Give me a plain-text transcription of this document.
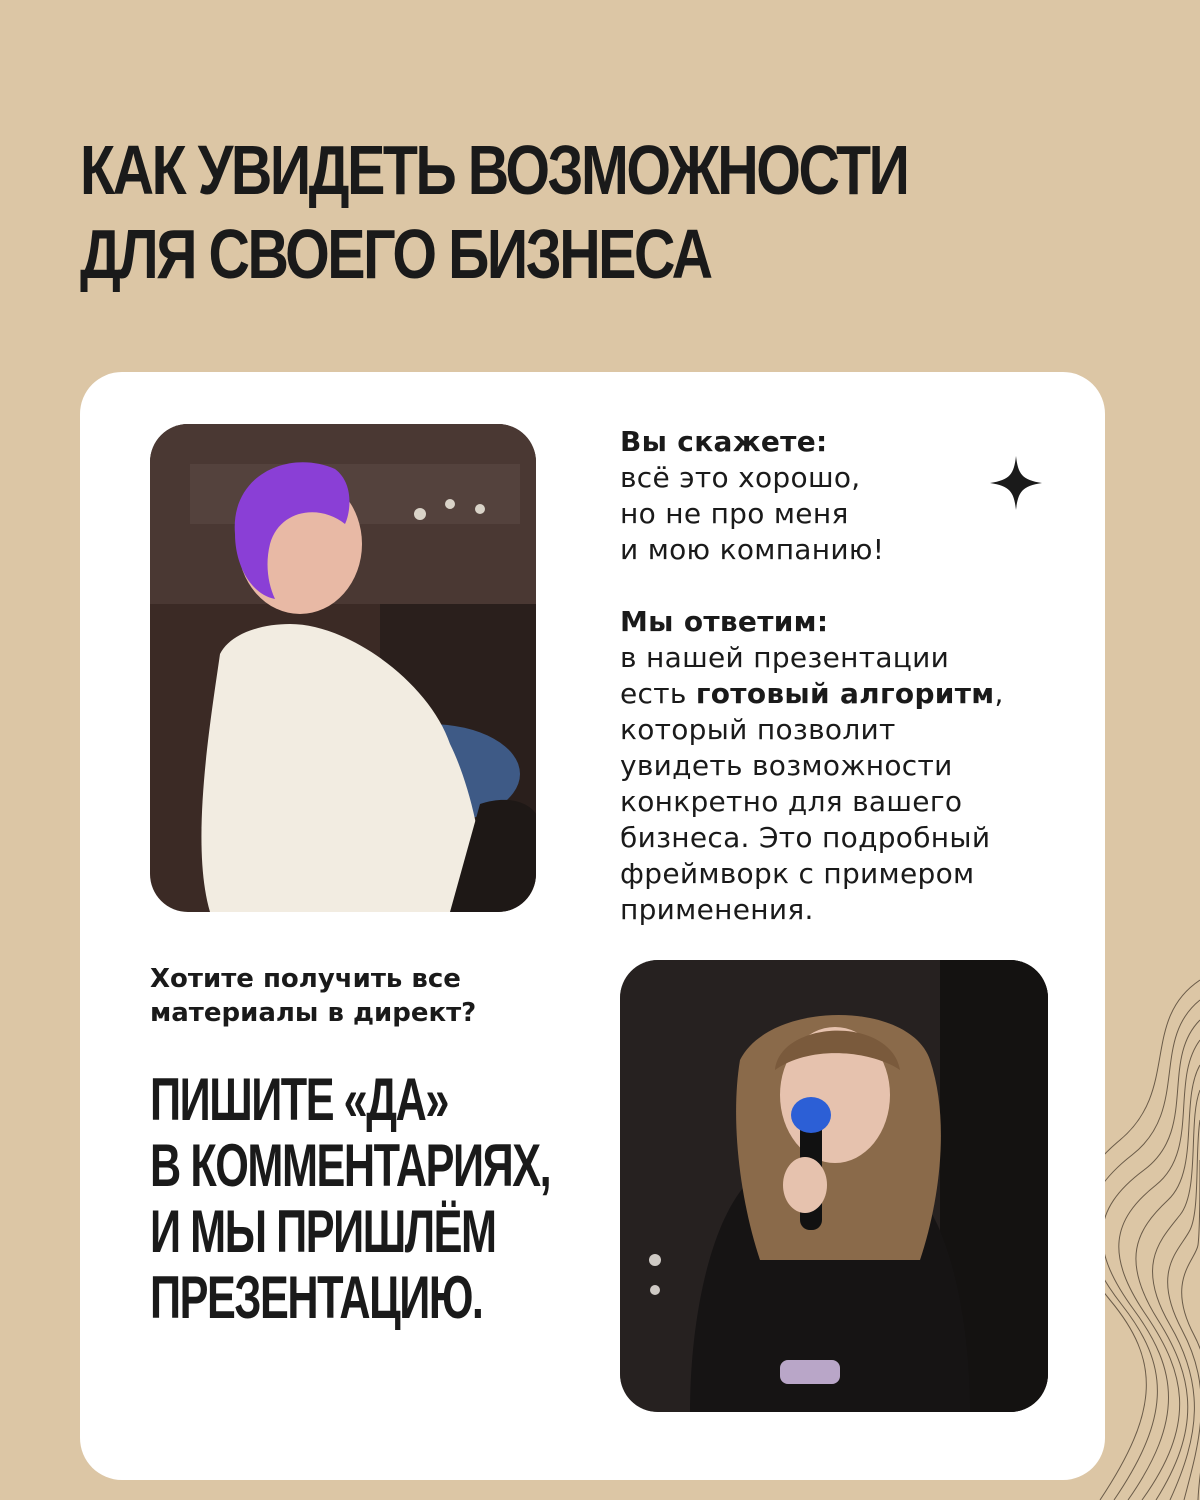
КАК УВИДЕТЬ ВОЗМОЖНОСТИ
ДЛЯ СВОЕГО БИЗНЕСА
Вы скажете:
всё это хорошо,
но не про меня
и мою компанию!
Мы ответим:
в нашей презентации
есть готовый алгоритм,
который позволит
увидеть возможности
конкретно для вашего
бизнеса. Это подробный
фреймворк с примером
применения.
Хотите получить все
материалы в директ?
ПИШИТЕ «ДА»
В КОММЕНТАРИЯХ,
И МЫ ПРИШЛЁМ
ПРЕЗЕНТАЦИЮ.
